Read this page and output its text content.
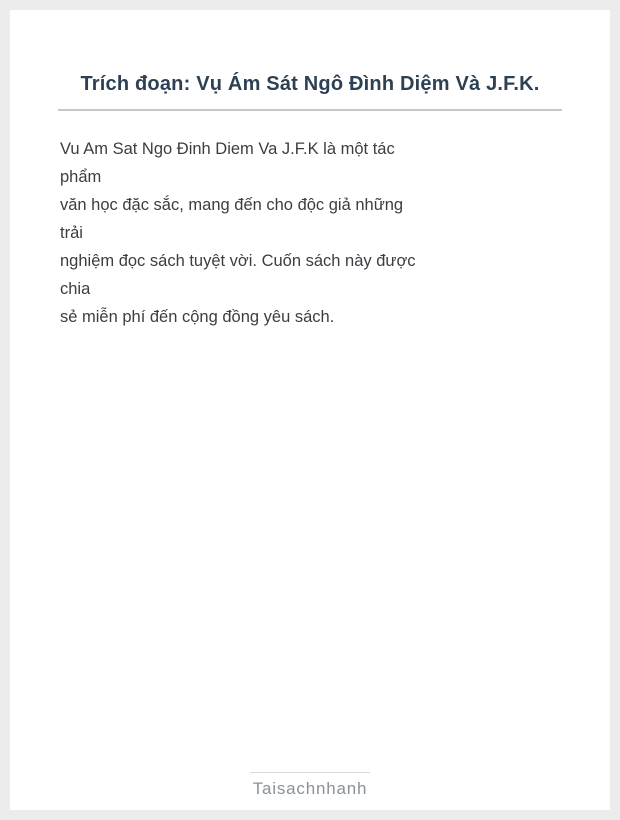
Trích đoạn: Vụ Ám Sát Ngô Đình Diệm Và J.F.K.

Vu Am Sat Ngo Đinh Diem Va J.F.K là một tác

phẩm

văn học đặc sắc, mang đến cho độc giả những

trải

nghiệm đọc sách tuyệt vời. Cuốn sách này được

chia

sẻ miễn phí đến cộng đồng yêu sách.

Taisachnhanh
